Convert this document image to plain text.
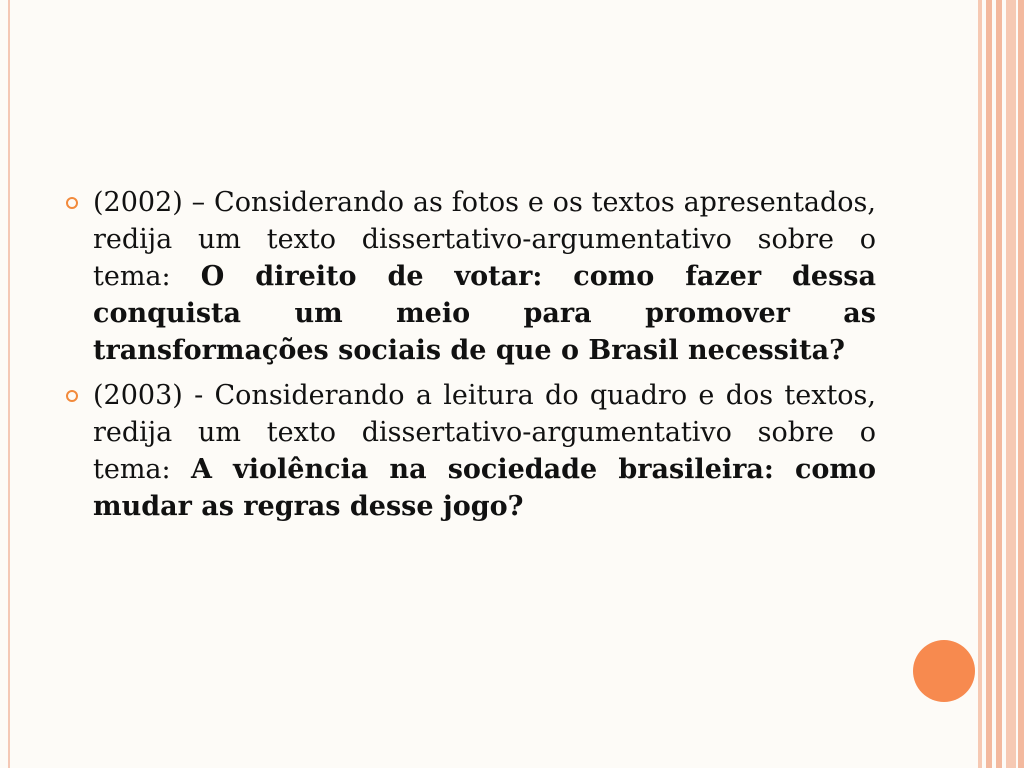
(2002) – Considerando as fotos e os textos apresentados, redija um texto dissertativo-argumentativo sobre o tema: O direito de votar: como fazer dessa conquista um meio para promover as transformações sociais de que o Brasil necessita?
(2003) - Considerando a leitura do quadro e dos textos, redija um texto dissertativo-argumentativo sobre o tema: A violência na sociedade brasileira: como mudar as regras desse jogo?
